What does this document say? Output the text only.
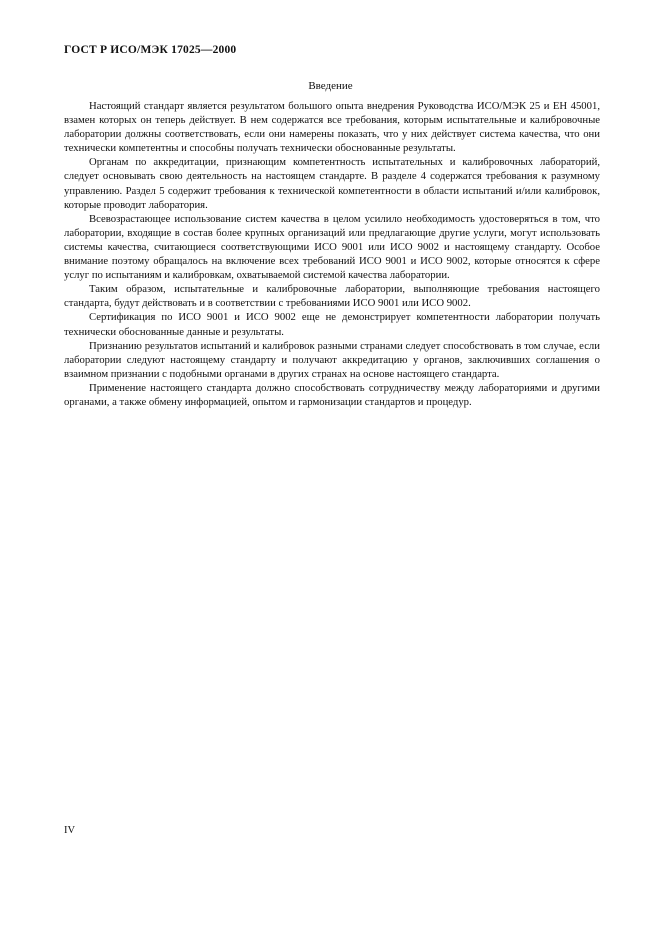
ГОСТ Р ИСО/МЭК 17025—2000
Введение

Настоящий стандарт является результатом большого опыта внедрения Руководства ИСО/МЭК 25 и ЕН 45001, взамен которых он теперь действует. В нем содержатся все требования, которым испытательные и калибровочные лаборатории должны соответствовать, если они намерены показать, что у них действует система качества, что они технически компетентны и способны получать технически обоснованные результаты.

Органам по аккредитации, признающим компетентность испытательных и калибровочных лабораторий, следует основывать свою деятельность на настоящем стандарте. В разделе 4 содержатся требования к разумному управлению. Раздел 5 содержит требования к технической компетентности в области испытаний и/или калибровок, которые проводит лаборатория.

Всевозрастающее использование систем качества в целом усилило необходимость удостоверяться в том, что лаборатории, входящие в состав более крупных организаций или предлагающие другие услуги, могут использовать системы качества, считающиеся соответствующими ИСО 9001 или ИСО 9002 и настоящему стандарту. Особое внимание поэтому обращалось на включение всех требований ИСО 9001 и ИСО 9002, которые относятся к сфере услуг по испытаниям и калибровкам, охватываемой системой качества лаборатории.

Таким образом, испытательные и калибровочные лаборатории, выполняющие требования настоящего стандарта, будут действовать и в соответствии с требованиями ИСО 9001 или ИСО 9002.

Сертификация по ИСО 9001 и ИСО 9002 еще не демонстрирует компетентности лаборатории получать технически обоснованные данные и результаты.

Признанию результатов испытаний и калибровок разными странами следует способствовать в том случае, если лаборатории следуют настоящему стандарту и получают аккредитацию у органов, заключивших соглашения о взаимном признании с подобными органами в других странах на основе настоящего стандарта.

Применение настоящего стандарта должно способствовать сотрудничеству между лабораториями и другими органами, а также обмену информацией, опытом и гармонизации стандартов и процедур.

IV
